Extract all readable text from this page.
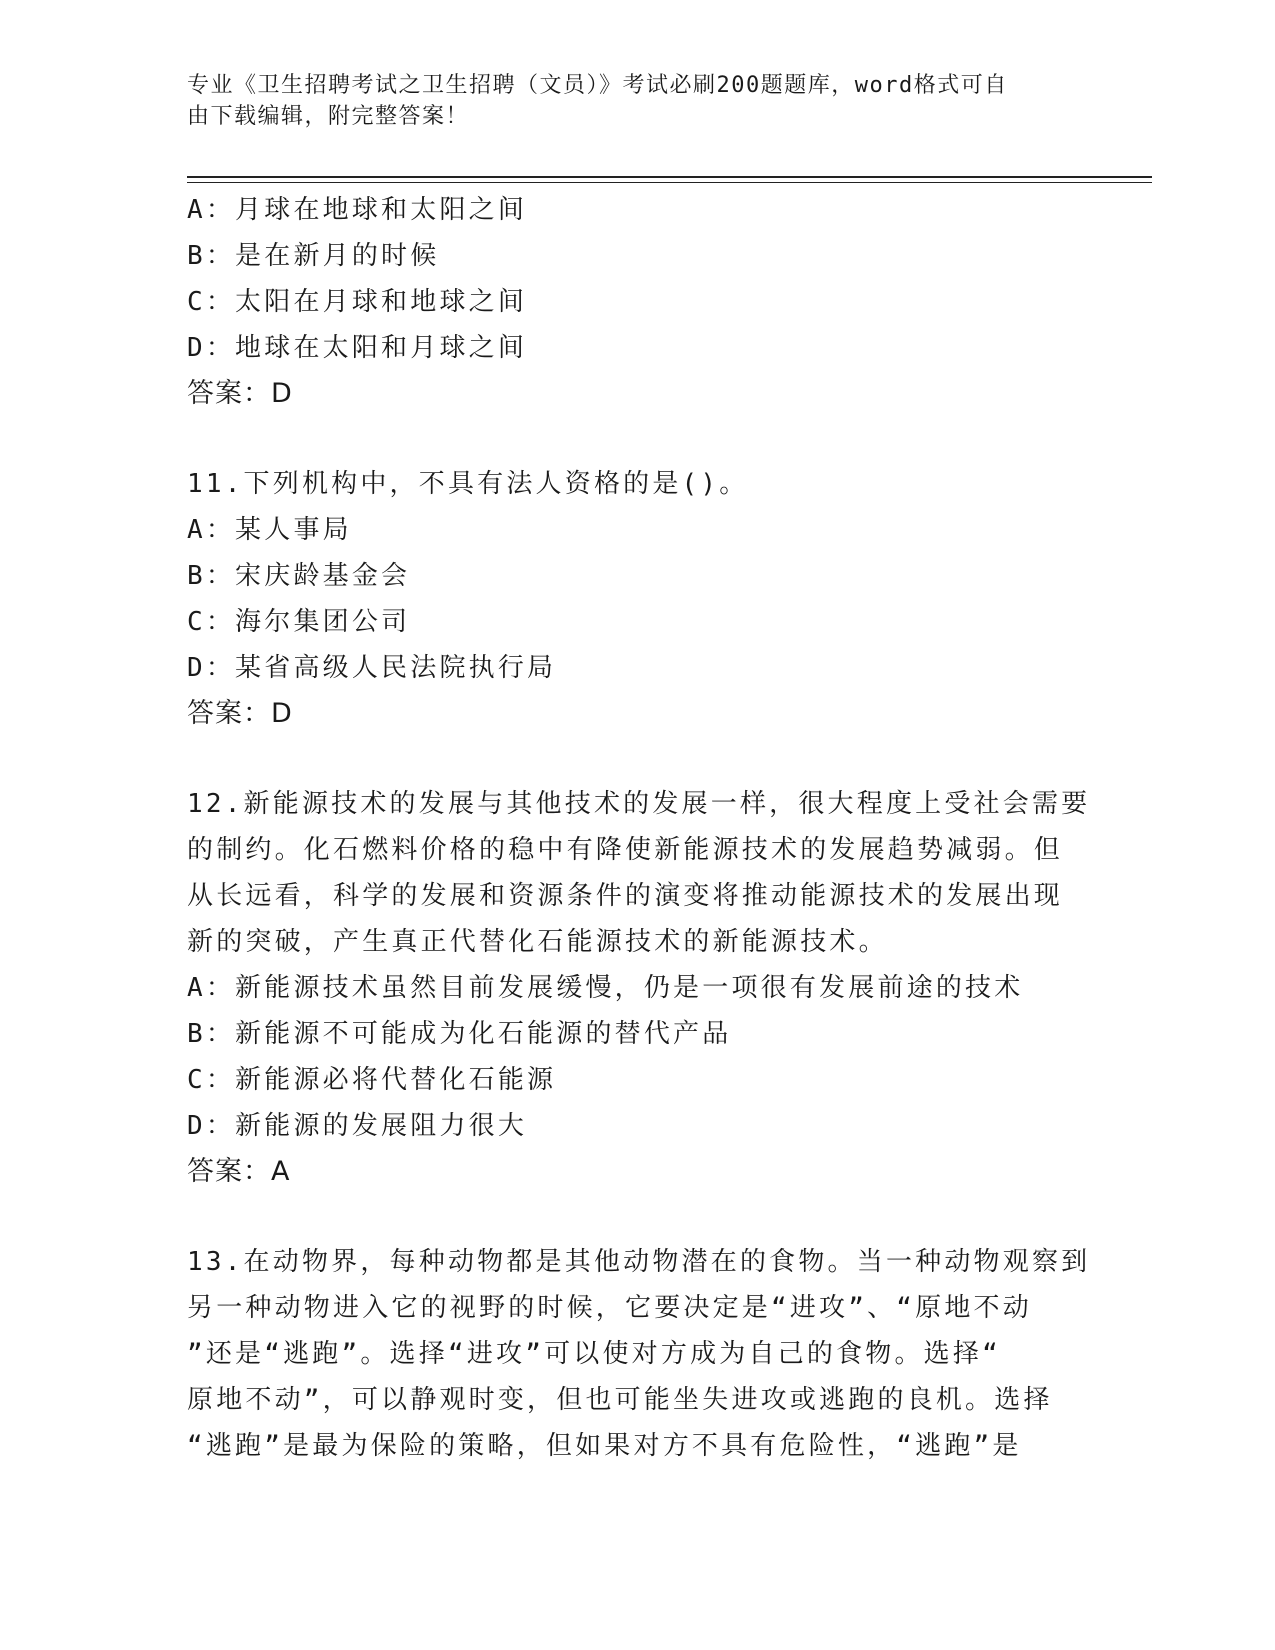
专业《卫生招聘考试之卫生招聘（文员）》考试必刷200题题库，word格式可自
由下载编辑，附完整答案！
A：月球在地球和太阳之间
B：是在新月的时候
C：太阳在月球和地球之间
D：地球在太阳和月球之间
答案：D
11.下列机构中，不具有法人资格的是()。
A：某人事局
B：宋庆龄基金会
C：海尔集团公司
D：某省高级人民法院执行局
答案：D
12.新能源技术的发展与其他技术的发展一样，很大程度上受社会需要
的制约。化石燃料价格的稳中有降使新能源技术的发展趋势减弱。但
从长远看，科学的发展和资源条件的演变将推动能源技术的发展出现
新的突破，产生真正代替化石能源技术的新能源技术。
A：新能源技术虽然目前发展缓慢，仍是一项很有发展前途的技术
B：新能源不可能成为化石能源的替代产品
C：新能源必将代替化石能源
D：新能源的发展阻力很大
答案：A
13.在动物界，每种动物都是其他动物潜在的食物。当一种动物观察到
另一种动物进入它的视野的时候，它要决定是“进攻”、“原地不动
”还是“逃跑”。选择“进攻”可以使对方成为自己的食物。选择“
原地不动”，可以静观时变，但也可能坐失进攻或逃跑的良机。选择
“逃跑”是最为保险的策略，但如果对方不具有危险性，“逃跑”是
